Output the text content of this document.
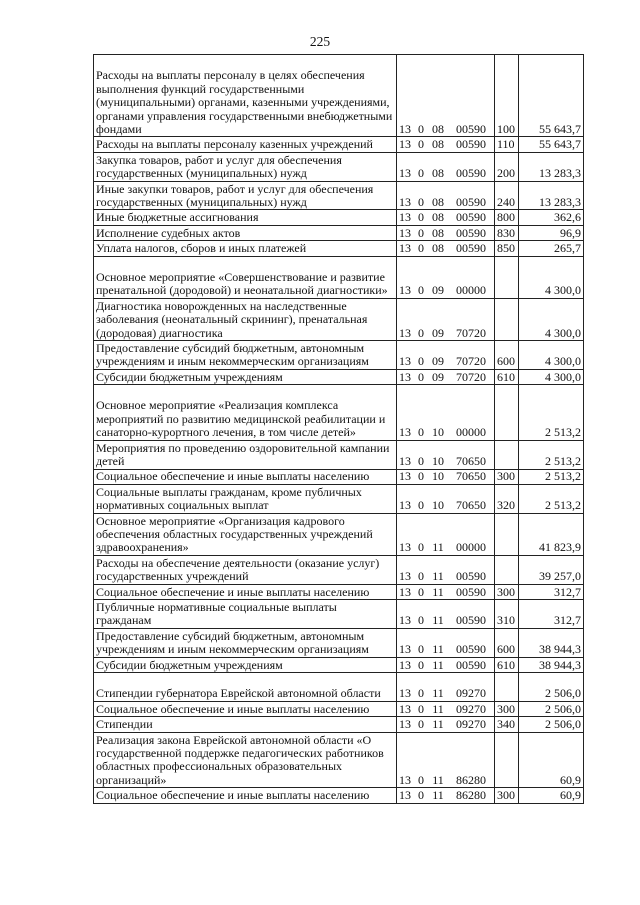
225
Расходы на выплаты персоналу в целях обеспечения выполнения функций государственными (муниципальными) органами, казенными учреждениями, органами управления государственными внебюджетными фондами	13 0 08 00590	100	55 643,7
Расходы на выплаты персоналу казенных учреждений	13 0 08 00590	110	55 643,7
Закупка товаров, работ и услуг для обеспечения государственных (муниципальных) нужд	13 0 08 00590	200	13 283,3
Иные закупки товаров, работ и услуг для обеспечения государственных (муниципальных) нужд	13 0 08 00590	240	13 283,3
Иные бюджетные ассигнования	13 0 08 00590	800	362,6
Исполнение судебных актов	13 0 08 00590	830	96,9
Уплата налогов, сборов и иных платежей	13 0 08 00590	850	265,7
Основное мероприятие «Совершенствование и развитие пренатальной (дородовой) и неонатальной диагностики»	13 0 09 00000		4 300,0
Диагностика новорожденных на наследственные заболевания (неонатальный скрининг), пренатальная (дородовая) диагностика	13 0 09 70720		4 300,0
Предоставление субсидий бюджетным, автономным учреждениям и иным некоммерческим организациям	13 0 09 70720	600	4 300,0
Субсидии бюджетным учреждениям	13 0 09 70720	610	4 300,0
Основное мероприятие «Реализация комплекса мероприятий по развитию медицинской реабилитации и санаторно-курортного лечения, в том числе детей»	13 0 10 00000		2 513,2
Мероприятия по проведению оздоровительной кампании детей	13 0 10 70650		2 513,2
Социальное обеспечение и иные выплаты населению	13 0 10 70650	300	2 513,2
Социальные выплаты гражданам, кроме публичных нормативных социальных выплат	13 0 10 70650	320	2 513,2
Основное мероприятие «Организация кадрового обеспечения областных государственных учреждений здравоохранения»	13 0 11 00000		41 823,9
Расходы на обеспечение деятельности (оказание услуг) государственных учреждений	13 0 11 00590		39 257,0
Социальное обеспечение и иные выплаты населению	13 0 11 00590	300	312,7
Публичные нормативные социальные выплаты гражданам	13 0 11 00590	310	312,7
Предоставление субсидий бюджетным, автономным учреждениям и иным некоммерческим организациям	13 0 11 00590	600	38 944,3
Субсидии бюджетным учреждениям	13 0 11 00590	610	38 944,3
Стипендии губернатора Еврейской автономной области	13 0 11 09270		2 506,0
Социальное обеспечение и иные выплаты населению	13 0 11 09270	300	2 506,0
Стипендии	13 0 11 09270	340	2 506,0
Реализация закона Еврейской автономной области «О государственной поддержке педагогических работников областных профессиональных образовательных организаций»	13 0 11 86280		60,9
Социальное обеспечение и иные выплаты населению	13 0 11 86280	300	60,9
